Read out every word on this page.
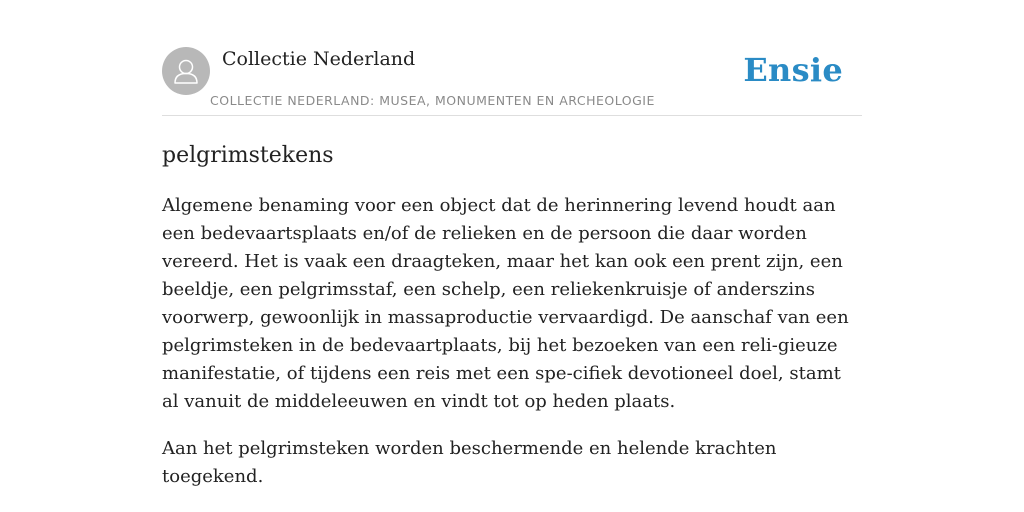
Collectie Nederland
COLLECTIE NEDERLAND: MUSEA, MONUMENTEN EN ARCHEOLOGIE
Ensie
pelgrimstekens

Algemene benaming voor een object dat de herinnering levend houdt aan een bedevaartsplaats en/of de relieken en de persoon die daar worden vereerd. Het is vaak een draagteken, maar het kan ook een prent zijn, een beeldje, een pelgrimsstaf, een schelp, een reliekenkruisje of anderszins voorwerp, gewoonlijk in massaproductie vervaardigd. De aanschaf van een pelgrimsteken in de bedevaartplaats, bij het bezoeken van een reli-gieuze manifestatie, of tijdens een reis met een spe-cifiek devotioneel doel, stamt al vanuit de middeleeuwen en vindt tot op heden plaats.

Aan het pelgrimsteken worden beschermende en helende krachten toegekend.
